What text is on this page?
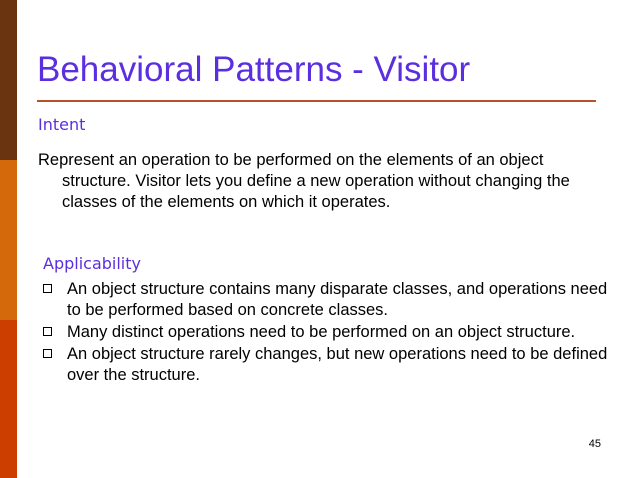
Behavioral Patterns - Visitor
Intent

Represent an operation to be performed on the elements of an object structure. Visitor lets you define a new operation without changing the classes of the elements on which it operates.

Applicability
An object structure contains many disparate classes, and operations need to be performed based on concrete classes.
Many distinct operations need to be performed on an object structure.
An object structure rarely changes, but new operations need to be defined over the structure.
45
